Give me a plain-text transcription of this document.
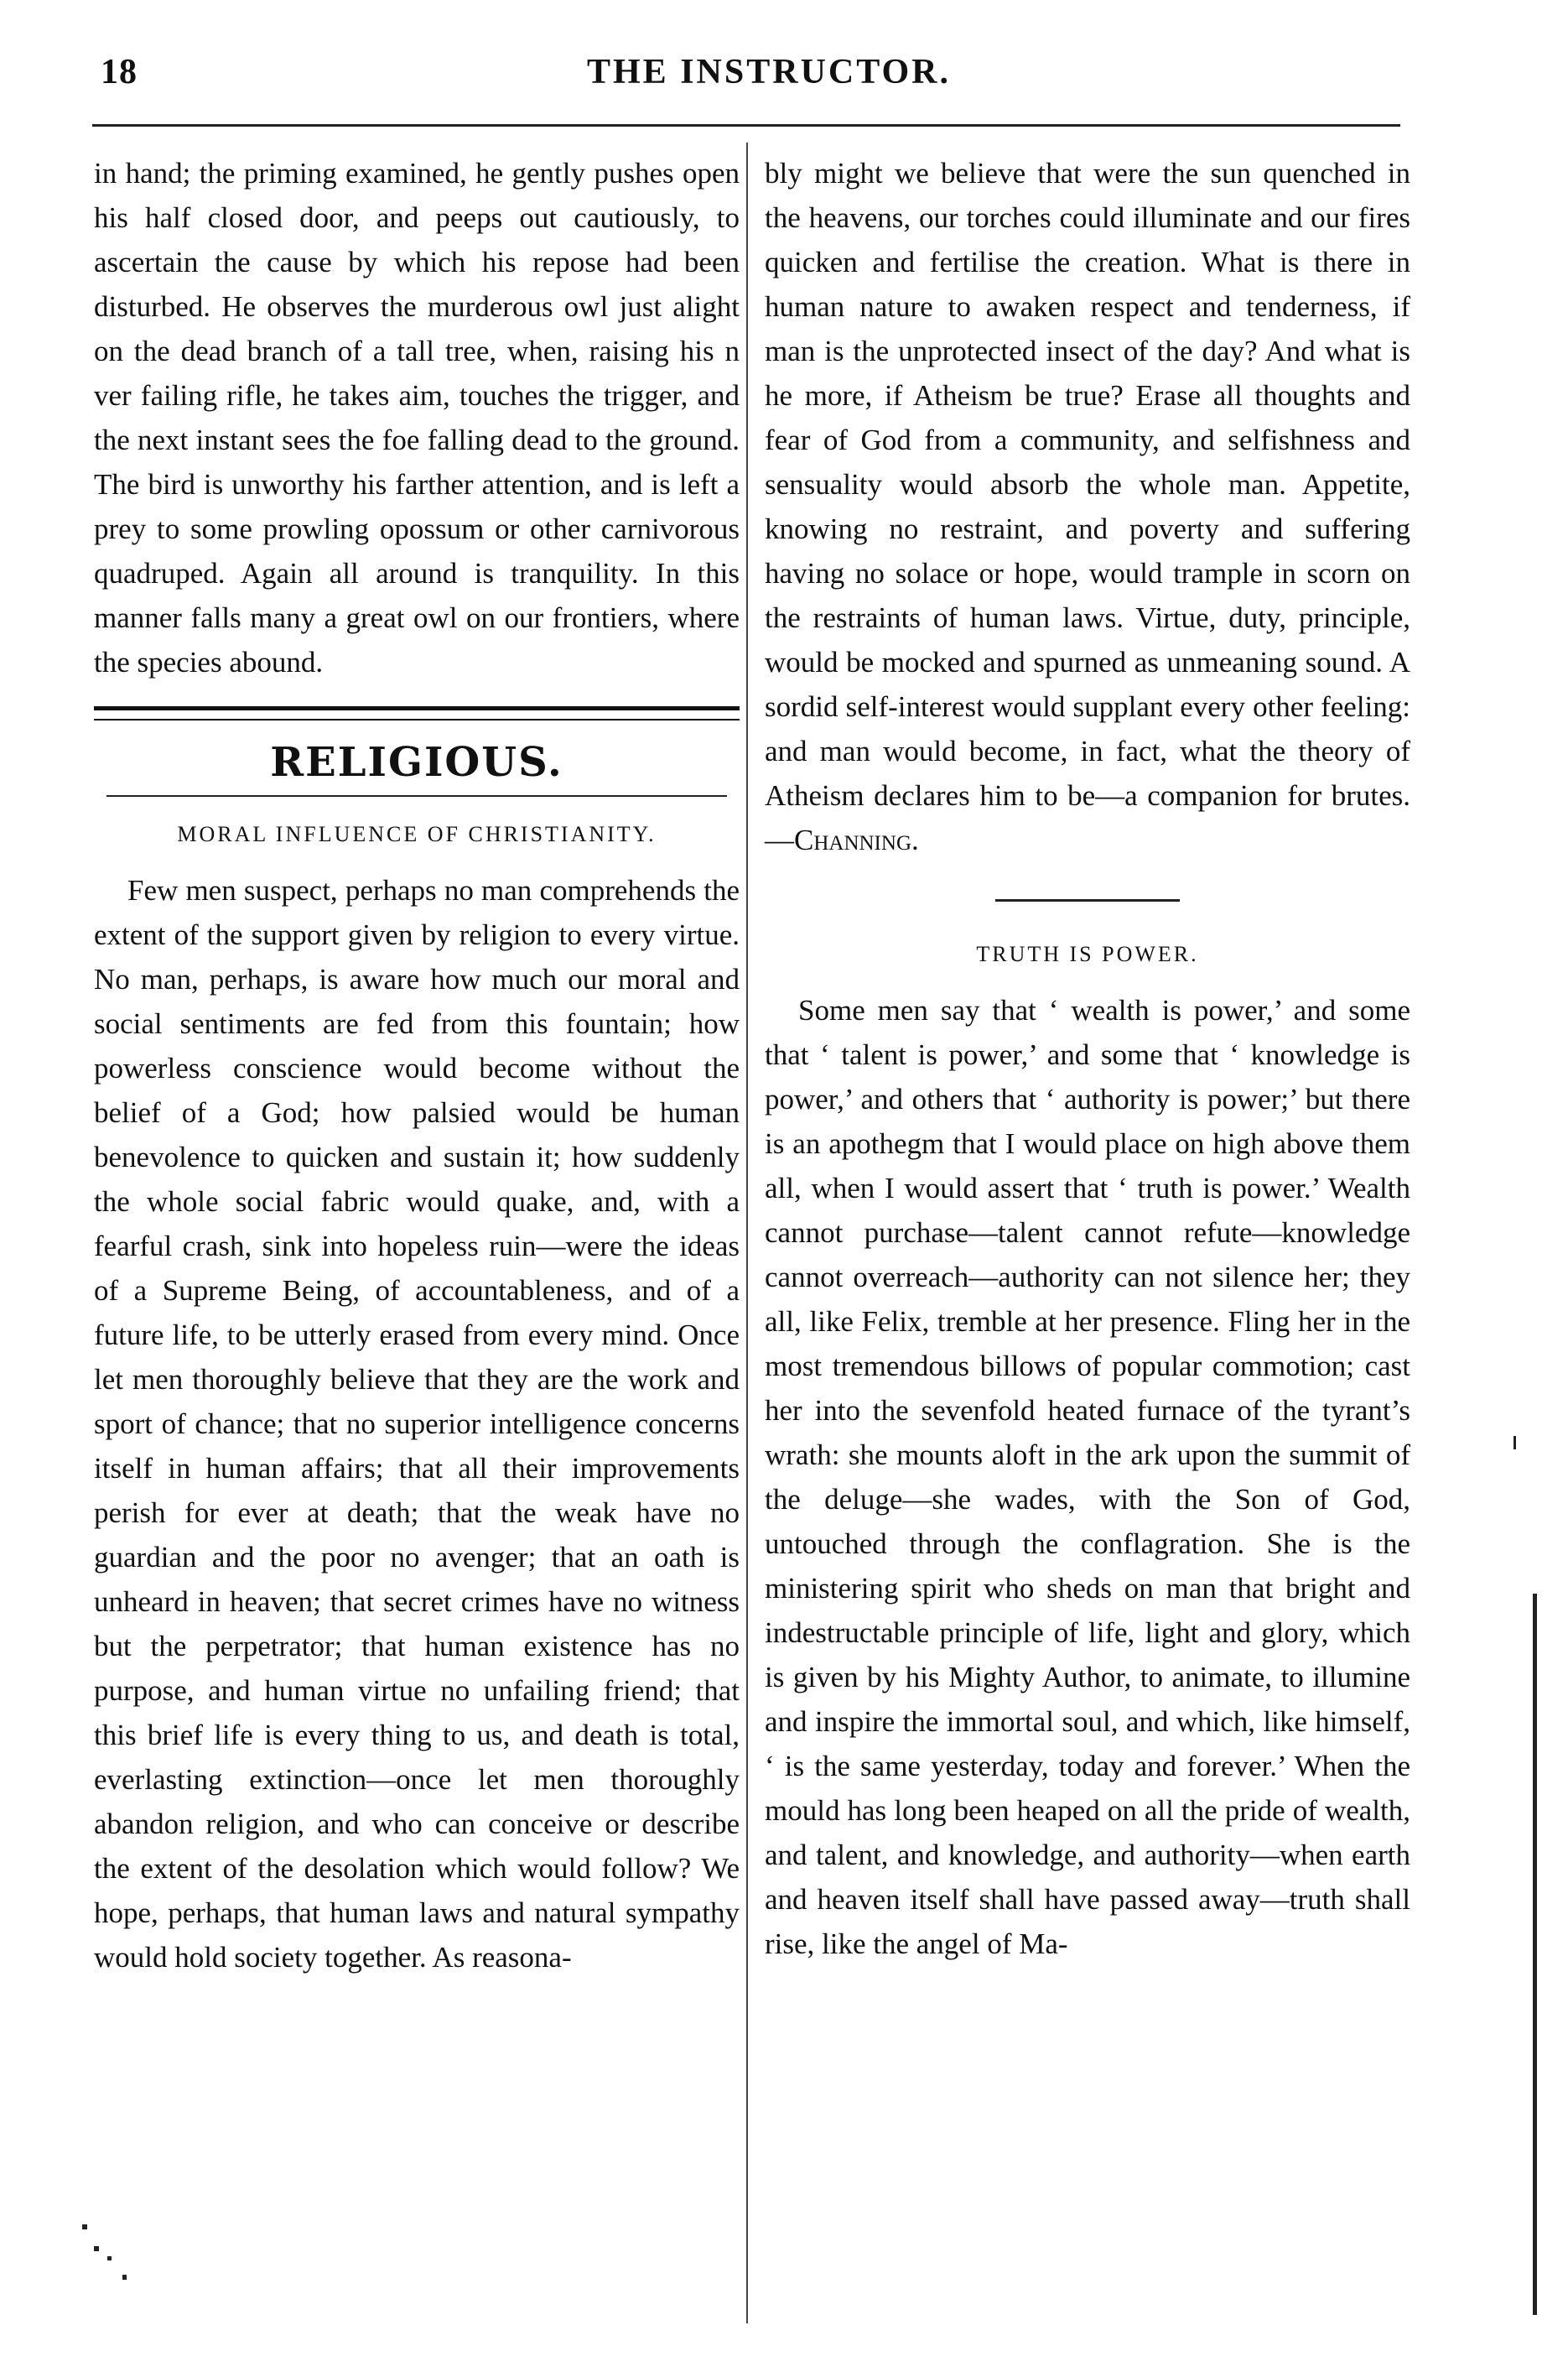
18	THE INSTRUCTOR.

in hand; the priming examined, he gently pushes open his half closed door, and peeps out cautiously, to ascertain the cause by which his repose had been disturbed. He observes the murderous owl just alight on the dead branch of a tall tree, when, raising his n ver failing rifle, he takes aim, touches the trigger, and the next instant sees the foe falling dead to the ground. The bird is unworthy his farther attention, and is left a prey to some prowling opossum or other carnivorous quadruped. Again all around is tranquility. In this manner falls many a great owl on our frontiers, where the species abound.

RELIGIOUS.
MORAL INFLUENCE OF CHRISTIANITY.

Few men suspect, perhaps no man comprehends the extent of the support given by religion to every virtue. No man, perhaps, is aware how much our moral and social sentiments are fed from this fountain; how powerless conscience would become without the belief of a God; how palsied would be human benevolence to quicken and sustain it; how suddenly the whole social fabric would quake, and, with a fearful crash, sink into hopeless ruin—were the ideas of a Supreme Being, of accountableness, and of a future life, to be utterly erased from every mind. Once let men thoroughly believe that they are the work and sport of chance; that no superior intelligence concerns itself in human affairs; that all their improvements perish for ever at death; that the weak have no guardian and the poor no avenger; that an oath is unheard in heaven; that secret crimes have no witness but the perpetrator; that human existence has no purpose, and human virtue no unfailing friend; that this brief life is every thing to us, and death is total, everlasting extinction—once let men thoroughly abandon religion, and who can conceive or describe the extent of the desolation which would follow? We hope, perhaps, that human laws and natural sympathy would hold society together. As reasona-

bly might we believe that were the sun quenched in the heavens, our torches could illuminate and our fires quicken and fertilise the creation. What is there in human nature to awaken respect and tenderness, if man is the unprotected insect of the day? And what is he more, if Atheism be true? Erase all thoughts and fear of God from a community, and selfishness and sensuality would absorb the whole man. Appetite, knowing no restraint, and poverty and suffering having no solace or hope, would trample in scorn on the restraints of human laws. Virtue, duty, principle, would be mocked and spurned as unmeaning sound. A sordid self-interest would supplant every other feeling: and man would become, in fact, what the theory of Atheism declares him to be—a companion for brutes.—Channing.

TRUTH IS POWER.

Some men say that ‘ wealth is power,’ and some that ‘ talent is power,’ and some that ‘ knowledge is power,’ and others that ‘ authority is power;’ but there is an apothegm that I would place on high above them all, when I would assert that ‘ truth is power.’ Wealth cannot purchase—talent cannot refute—knowledge cannot overreach—authority can not silence her; they all, like Felix, tremble at her presence. Fling her in the most tremendous billows of popular commotion; cast her into the sevenfold heated furnace of the tyrant’s wrath: she mounts aloft in the ark upon the summit of the deluge—she wades, with the Son of God, untouched through the conflagration. She is the ministering spirit who sheds on man that bright and indestructable principle of life, light and glory, which is given by his Mighty Author, to animate, to illumine and inspire the immortal soul, and which, like himself, ‘ is the same yesterday, today and forever.’ When the mould has long been heaped on all the pride of wealth, and talent, and knowledge, and authority—when earth and heaven itself shall have passed away—truth shall rise, like the angel of Ma-
